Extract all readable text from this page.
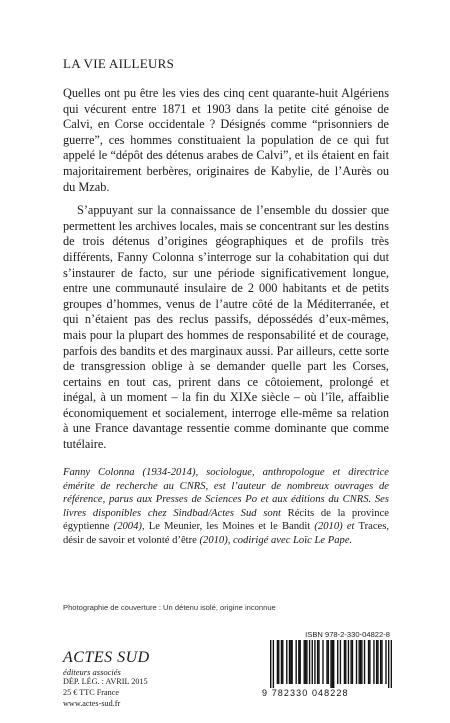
LA VIE AILLEURS

Quelles ont pu être les vies des cinq cent quarante-huit Algériens qui vécurent entre 1871 et 1903 dans la petite cité génoise de Calvi, en Corse occidentale ? Désignés comme “prisonniers de guerre”, ces hommes constituaient la population de ce qui fut appelé le “dépôt des détenus arabes de Calvi”, et ils étaient en fait majoritairement berbères, originaires de Kabylie, de l’Aurès ou du Mzab.

S’appuyant sur la connaissance de l’ensemble du dossier que permettent les archives locales, mais se concentrant sur les destins de trois détenus d’origines géographiques et de profils très différents, Fanny Colonna s’interroge sur la cohabitation qui dut s’instaurer de facto, sur une période significativement longue, entre une communauté insulaire de 2 000 habitants et de petits groupes d’hommes, venus de l’autre côté de la Méditerranée, et qui n’étaient pas des reclus passifs, dépossédés d’eux-mêmes, mais pour la plupart des hommes de responsabilité et de courage, parfois des bandits et des marginaux aussi. Par ailleurs, cette sorte de transgression oblige à se demander quelle part les Corses, certains en tout cas, prirent dans ce côtoiement, prolongé et inégal, à un moment – la fin du XIXe siècle – où l’île, affaiblie économiquement et socialement, interroge elle-même sa relation à une France davantage ressentie comme dominante que comme tutélaire.

Fanny Colonna (1934-2014), sociologue, anthropologue et directrice émérite de recherche au CNRS, est l’auteur de nombreux ouvrages de référence, parus aux Presses de Sciences Po et aux éditions du CNRS. Ses livres disponibles chez Sindbad/Actes Sud sont Récits de la province égyptienne (2004), Le Meunier, les Moines et le Bandit (2010) et Traces, désir de savoir et volonté d’être (2010), codirigé avec Loïc Le Pape.

Photographie de couverture : Un détenu isolé, origine inconnue
ISBN 978-2-330-04822-8
9 782330 048228
ACTES SUD
éditeurs associés
DÉP. LÉG. : AVRIL 2015
25 € TTC France
www.actes-sud.fr
